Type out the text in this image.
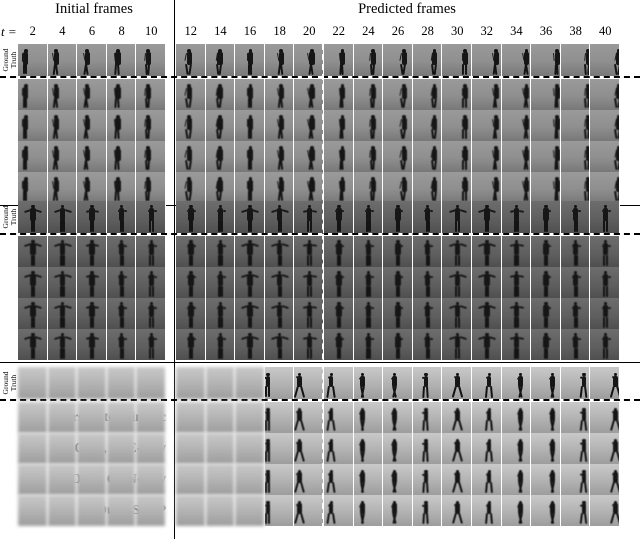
Initial frames	Predicted frames
t =	2	4	6	8	10	12	14	16	18	20	22	24	26	28	30	32	34	36	38	40
Ground Truth
Ground Truth
Ground Truth
